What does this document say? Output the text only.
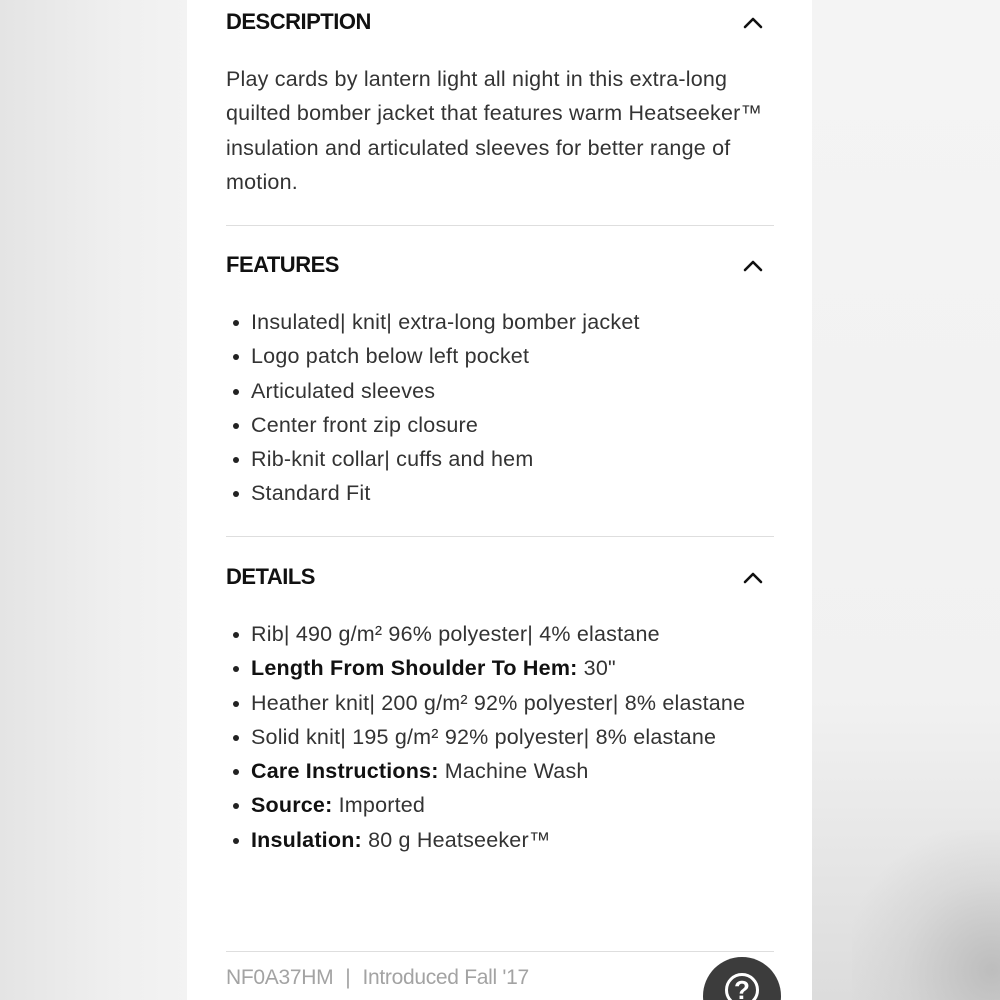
DESCRIPTION
Play cards by lantern light all night in this extra-long quilted bomber jacket that features warm Heatseeker™ insulation and articulated sleeves for better range of motion.
FEATURES
Insulated| knit| extra-long bomber jacket
Logo patch below left pocket
Articulated sleeves
Center front zip closure
Rib-knit collar| cuffs and hem
Standard Fit
DETAILS
Rib| 490 g/m² 96% polyester| 4% elastane
Length From Shoulder To Hem: 30"
Heather knit| 200 g/m² 92% polyester| 8% elastane
Solid knit| 195 g/m² 92% polyester| 8% elastane
Care Instructions: Machine Wash
Source: Imported
Insulation: 80 g Heatseeker™
NF0A37HM | Introduced Fall '17	?
